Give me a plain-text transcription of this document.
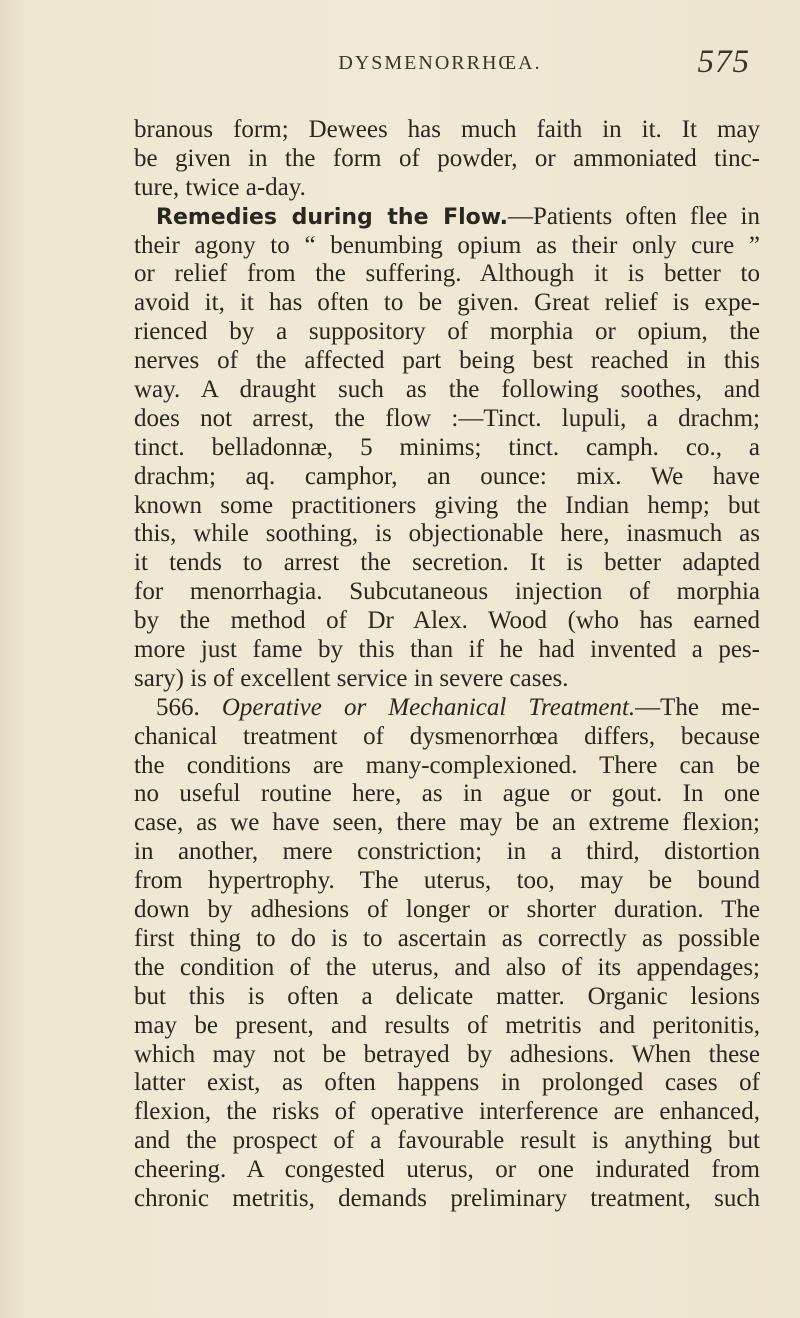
DYSMENORRHŒA.	575
branous form; Dewees has much faith in it. It may
be given in the form of powder, or ammoniated tinc-
ture, twice a-day.
Remedies during the Flow.—Patients often flee in
their agony to “ benumbing opium as their only cure ”
or relief from the suffering. Although it is better to
avoid it, it has often to be given. Great relief is expe-
rienced by a suppository of morphia or opium, the
nerves of the affected part being best reached in this
way. A draught such as the following soothes, and
does not arrest, the flow :—Tinct. lupuli, a drachm;
tinct. belladonnæ, 5 minims; tinct. camph. co., a
drachm; aq. camphor, an ounce: mix. We have
known some practitioners giving the Indian hemp; but
this, while soothing, is objectionable here, inasmuch as
it tends to arrest the secretion. It is better adapted
for menorrhagia. Subcutaneous injection of morphia
by the method of Dr Alex. Wood (who has earned
more just fame by this than if he had invented a pes-
sary) is of excellent service in severe cases.
566. Operative or Mechanical Treatment.—The me-
chanical treatment of dysmenorrhœa differs, because
the conditions are many-complexioned. There can be
no useful routine here, as in ague or gout. In one
case, as we have seen, there may be an extreme flexion;
in another, mere constriction; in a third, distortion
from hypertrophy. The uterus, too, may be bound
down by adhesions of longer or shorter duration. The
first thing to do is to ascertain as correctly as possible
the condition of the uterus, and also of its appendages;
but this is often a delicate matter. Organic lesions
may be present, and results of metritis and peritonitis,
which may not be betrayed by adhesions. When these
latter exist, as often happens in prolonged cases of
flexion, the risks of operative interference are enhanced,
and the prospect of a favourable result is anything but
cheering. A congested uterus, or one indurated from
chronic metritis, demands preliminary treatment, such
